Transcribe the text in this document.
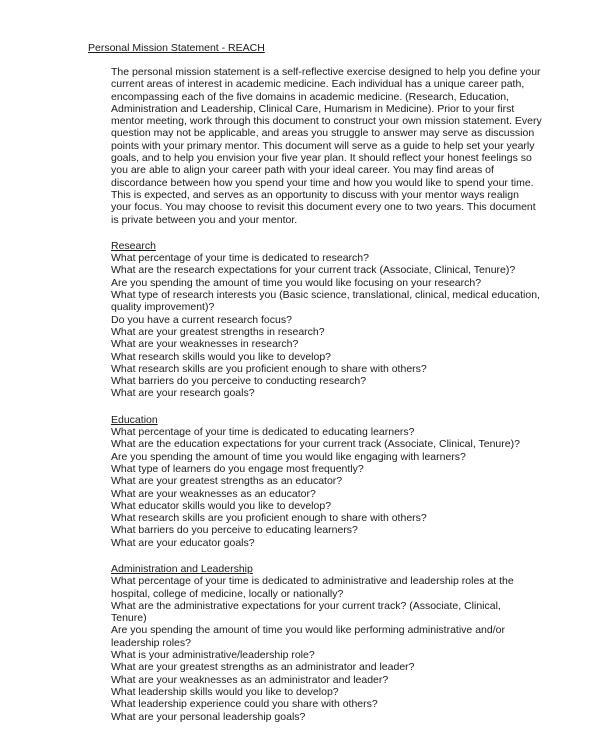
Personal Mission Statement - REACH
The personal mission statement is a self-reflective exercise designed to help you define your
current areas of interest in academic medicine. Each individual has a unique career path,
encompassing each of the five domains in academic medicine. (Research, Education,
Administration and Leadership, Clinical Care, Humarism in Medicine). Prior to your first
mentor meeting, work through this document to construct your own mission statement. Every
question may not be applicable, and areas you struggle to answer may serve as discussion
points with your primary mentor. This document will serve as a guide to help set your yearly
goals, and to help you envision your five year plan. It should reflect your honest feelings so
you are able to align your career path with your ideal career. You may find areas of
discordance between how you spend your time and how you would like to spend your time.
This is expected, and serves as an opportunity to discuss with your mentor ways realign
your focus. You may choose to revisit this document every one to two years. This document
is private between you and your mentor.
Research
What percentage of your time is dedicated to research?
What are the research expectations for your current track (Associate, Clinical, Tenure)?
Are you spending the amount of time you would like focusing on your research?
What type of research interests you (Basic science, translational, clinical, medical education,
quality improvement)?
Do you have a current research focus?
What are your greatest strengths in research?
What are your weaknesses in research?
What research skills would you like to develop?
What research skills are you proficient enough to share with others?
What barriers do you perceive to conducting research?
What are your research goals?
Education
What percentage of your time is dedicated to educating learners?
What are the education expectations for your current track (Associate, Clinical, Tenure)?
Are you spending the amount of time you would like engaging with learners?
What type of learners do you engage most frequently?
What are your greatest strengths as an educator?
What are your weaknesses as an educator?
What educator skills would you like to develop?
What research skills are you proficient enough to share with others?
What barriers do you perceive to educating learners?
What are your educator goals?
Administration and Leadership
What percentage of your time is dedicated to administrative and leadership roles at the
hospital, college of medicine, locally or nationally?
What are the administrative expectations for your current track? (Associate, Clinical,
Tenure)
Are you spending the amount of time you would like performing administrative and/or
leadership roles?
What is your administrative/leadership role?
What are your greatest strengths as an administrator and leader?
What are your weaknesses as an administrator and leader?
What leadership skills would you like to develop?
What leadership experience could you share with others?
What are your personal leadership goals?
